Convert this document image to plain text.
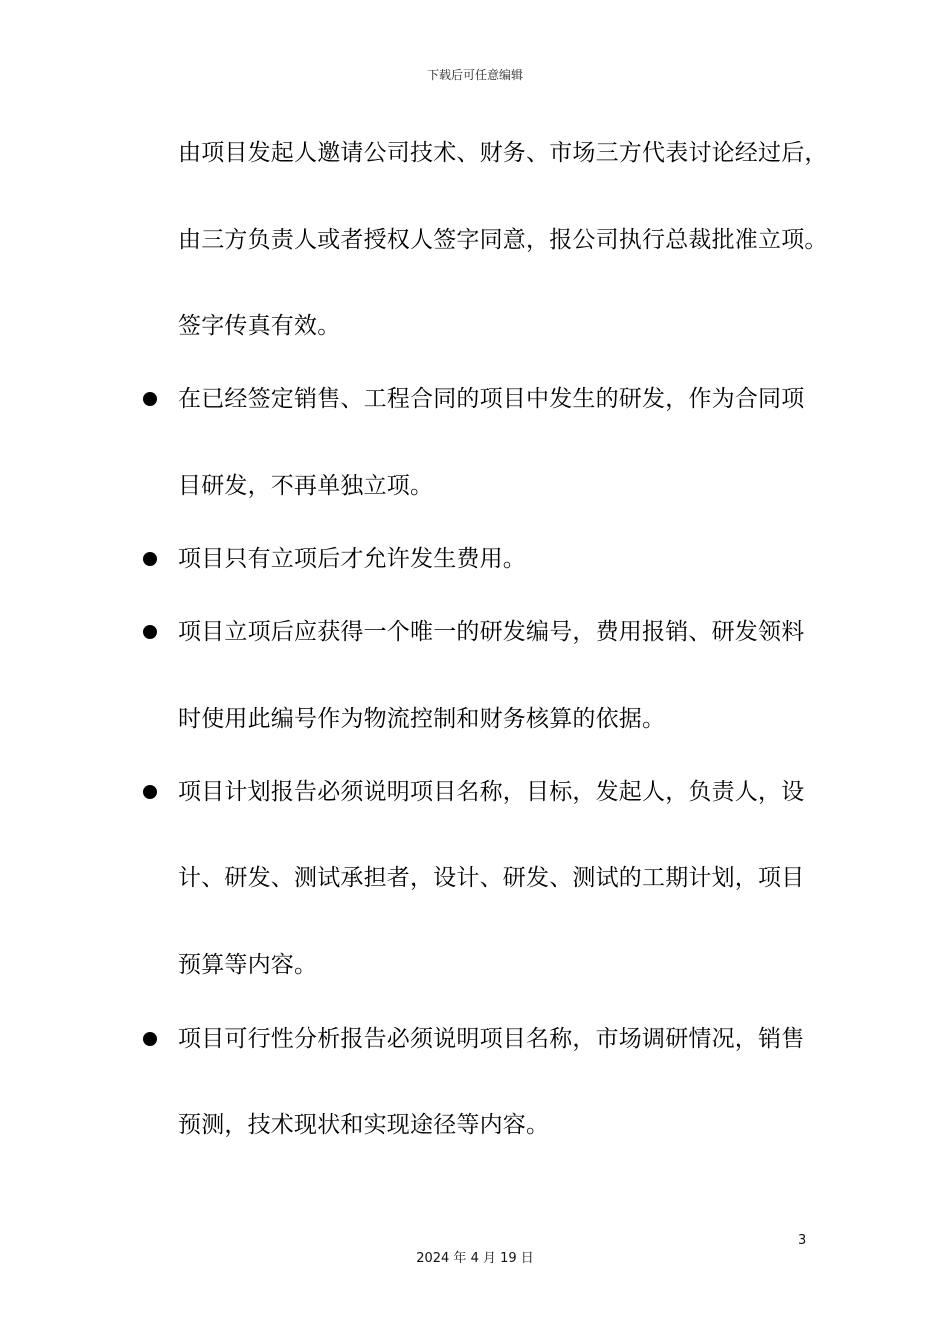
下载后可任意编辑
由项目发起人邀请公司技术、财务、市场三方代表讨论经过后，
由三方负责人或者授权人签字同意，报公司执行总裁批准立项。
签字传真有效。
在已经签定销售、工程合同的项目中发生的研发，作为合同项
目研发，不再单独立项。
项目只有立项后才允许发生费用。
项目立项后应获得一个唯一的研发编号，费用报销、研发领料
时使用此编号作为物流控制和财务核算的依据。
项目计划报告必须说明项目名称，目标，发起人，负责人，设
计、研发、测试承担者，设计、研发、测试的工期计划，项目
预算等内容。
项目可行性分析报告必须说明项目名称，市场调研情况，销售
预测，技术现状和实现途径等内容。
3
2024 年 4 月 19 日
